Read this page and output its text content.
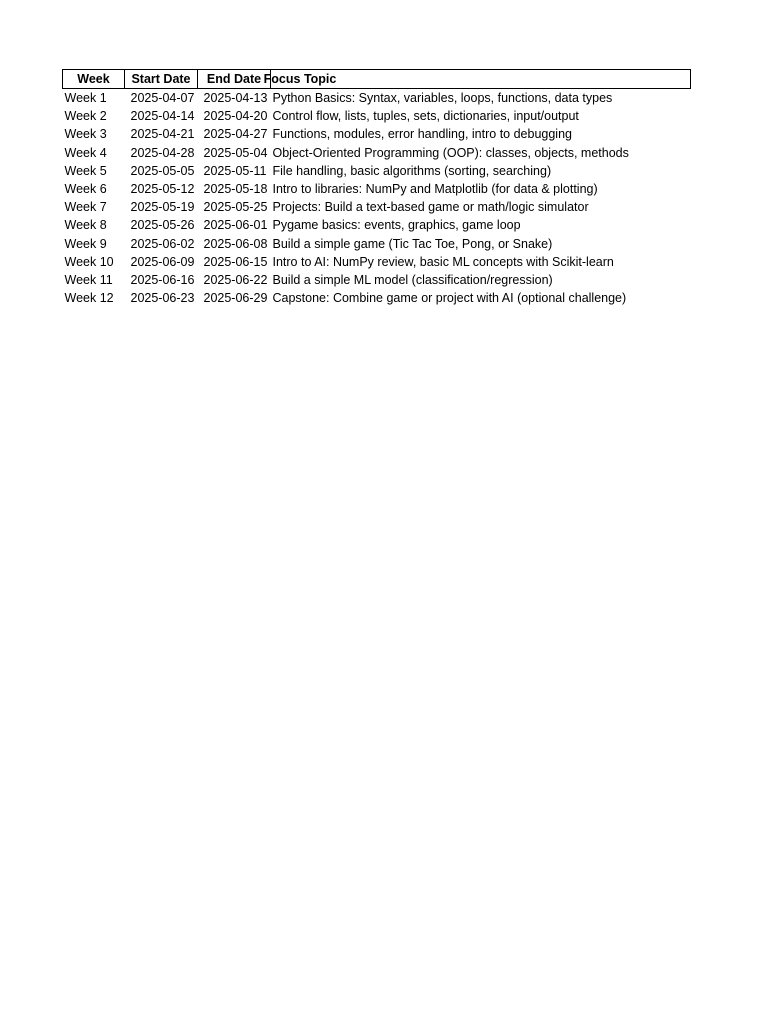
Week	Start Date	End Date	Focus Topic

Week 1	2025-04-07	2025-04-13	Python Basics: Syntax, variables, loops, functions, data types
Week 2	2025-04-14	2025-04-20	Control flow, lists, tuples, sets, dictionaries, input/output
Week 3	2025-04-21	2025-04-27	Functions, modules, error handling, intro to debugging
Week 4	2025-04-28	2025-05-04	Object-Oriented Programming (OOP): classes, objects, methods
Week 5	2025-05-05	2025-05-11	File handling, basic algorithms (sorting, searching)
Week 6	2025-05-12	2025-05-18	Intro to libraries: NumPy and Matplotlib (for data & plotting)
Week 7	2025-05-19	2025-05-25	Projects: Build a text-based game or math/logic simulator
Week 8	2025-05-26	2025-06-01	Pygame basics: events, graphics, game loop
Week 9	2025-06-02	2025-06-08	Build a simple game (Tic Tac Toe, Pong, or Snake)
Week 10	2025-06-09	2025-06-15	Intro to AI: NumPy review, basic ML concepts with Scikit-learn
Week 11	2025-06-16	2025-06-22	Build a simple ML model (classification/regression)
Week 12	2025-06-23	2025-06-29	Capstone: Combine game or project with AI (optional challenge)
